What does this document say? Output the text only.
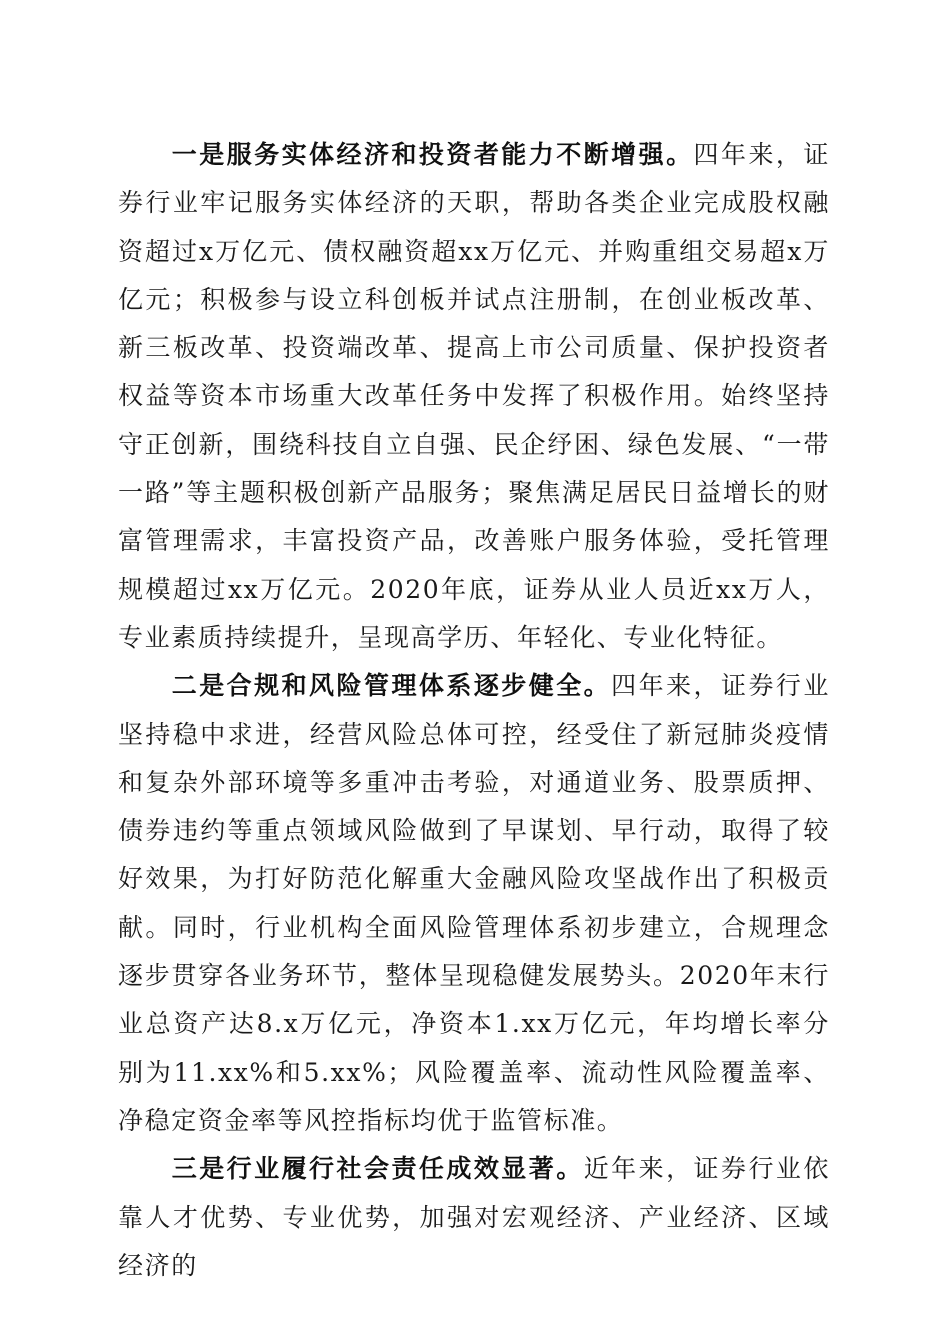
一是服务实体经济和投资者能力不断增强。四年来，证券行业牢记服务实体经济的天职，帮助各类企业完成股权融资超过x万亿元、债权融资超xx万亿元、并购重组交易超x万亿元；积极参与设立科创板并试点注册制，在创业板改革、新三板改革、投资端改革、提高上市公司质量、保护投资者权益等资本市场重大改革任务中发挥了积极作用。始终坚持守正创新，围绕科技自立自强、民企纾困、绿色发展、“一带一路”等主题积极创新产品服务；聚焦满足居民日益增长的财富管理需求，丰富投资产品，改善账户服务体验，受托管理规模超过xx万亿元。2020年底，证券从业人员近xx万人，专业素质持续提升，呈现高学历、年轻化、专业化特征。

二是合规和风险管理体系逐步健全。四年来，证券行业坚持稳中求进，经营风险总体可控，经受住了新冠肺炎疫情和复杂外部环境等多重冲击考验，对通道业务、股票质押、债券违约等重点领域风险做到了早谋划、早行动，取得了较好效果，为打好防范化解重大金融风险攻坚战作出了积极贡献。同时，行业机构全面风险管理体系初步建立，合规理念逐步贯穿各业务环节，整体呈现稳健发展势头。2020年末行业总资产达8.x万亿元，净资本1.xx万亿元，年均增长率分别为11.xx%和5.xx%；风险覆盖率、流动性风险覆盖率、净稳定资金率等风控指标均优于监管标准。

三是行业履行社会责任成效显著。近年来，证券行业依靠人才优势、专业优势，加强对宏观经济、产业经济、区域经济的
